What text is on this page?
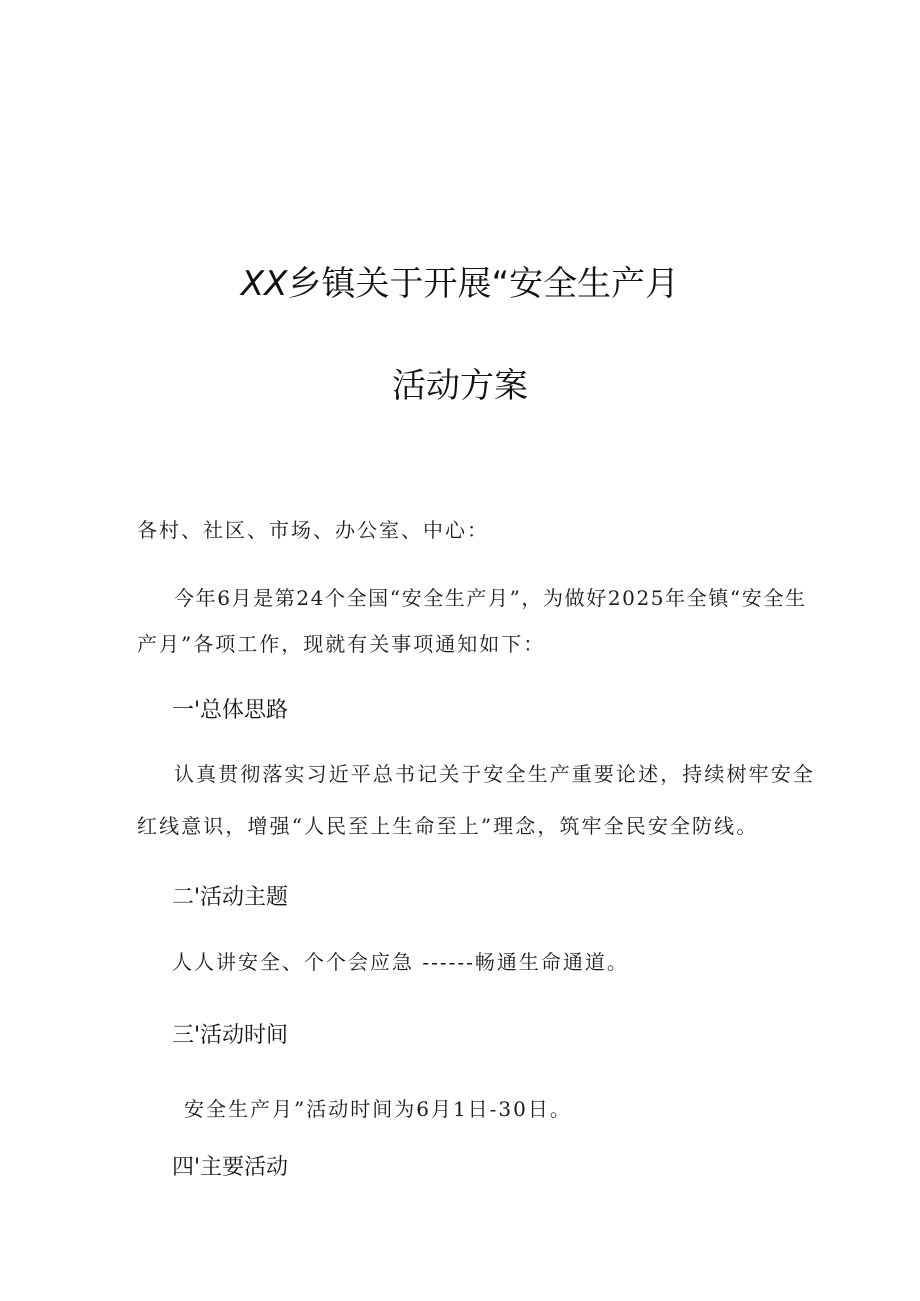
XX乡镇关于开展“安全生产月
活动方案
各村、社区、市场、办公室、中心：
今年6月是第24个全国“安全生产月”，为做好2025年全镇“安全生
产月”各项工作，现就有关事项通知如下：
一'总体思路
认真贯彻落实习近平总书记关于安全生产重要论述，持续树牢安全
红线意识，增强“人民至上生命至上”理念，筑牢全民安全防线。
二'活动主题
人人讲安全、个个会应急 ------畅通生命通道。
三'活动时间
安全生产月”活动时间为6月1日-30日。
四'主要活动
